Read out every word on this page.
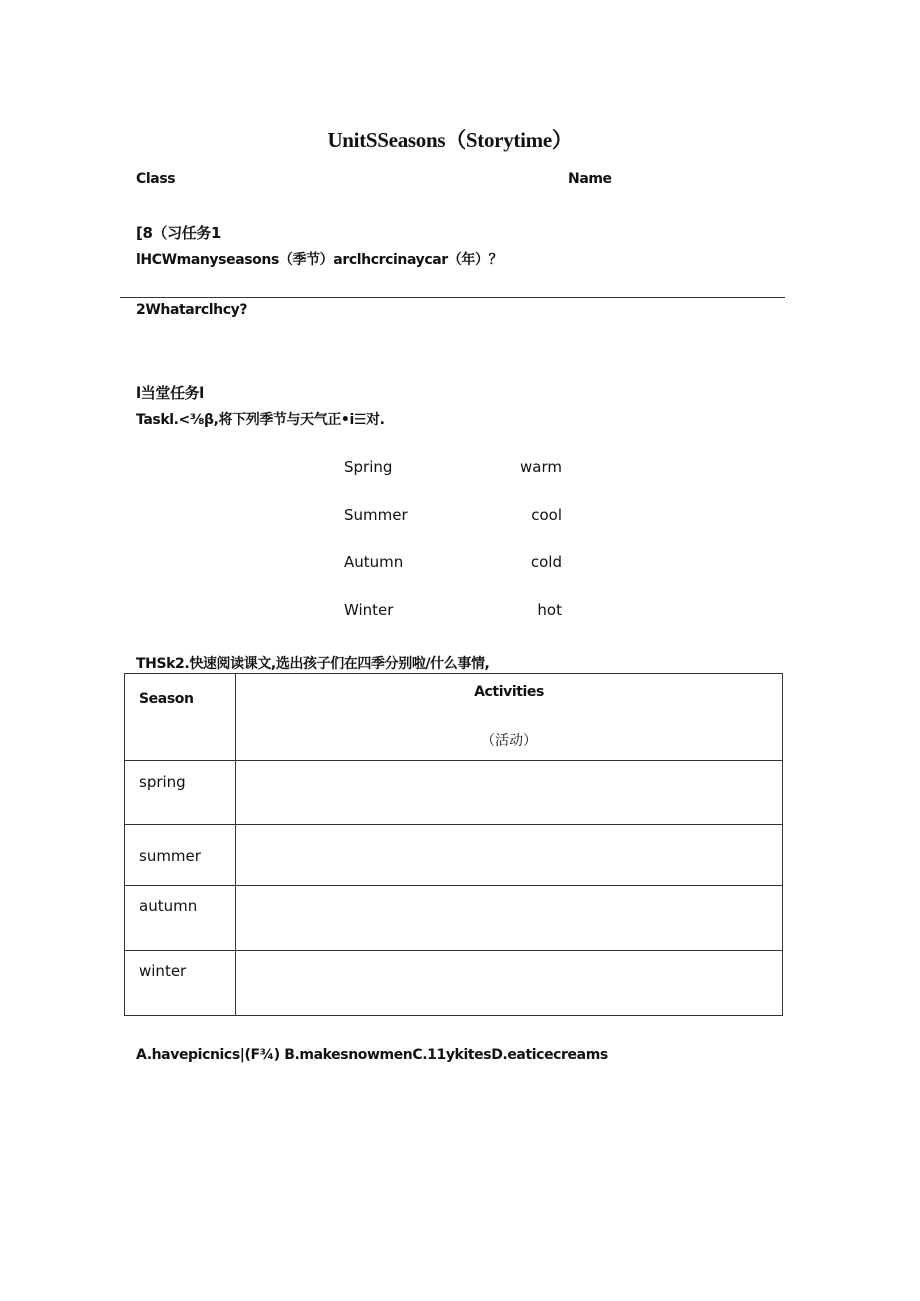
UnitSSeasons（Storytime）
Class	Name
[8（习任务1
lHCWmanyseasons（季节）arclhcrcinaycar（年）？
2Whatarclhcy?
l当堂任务l
Taskl.<⅜β,将下列季节与天气正•i☰对.
Spring	warm
Summer	cool
Autumn	cold
Winter	hot
THSk2.快速阅读课文,选出孩子们在四季分别啦/什么事情,
Season	Activities
（活动）

spring	

summer	

autumn	

winter	

A.havepicnics|(F¾) B.makesnowmenC.11ykitesD.eaticecreams
